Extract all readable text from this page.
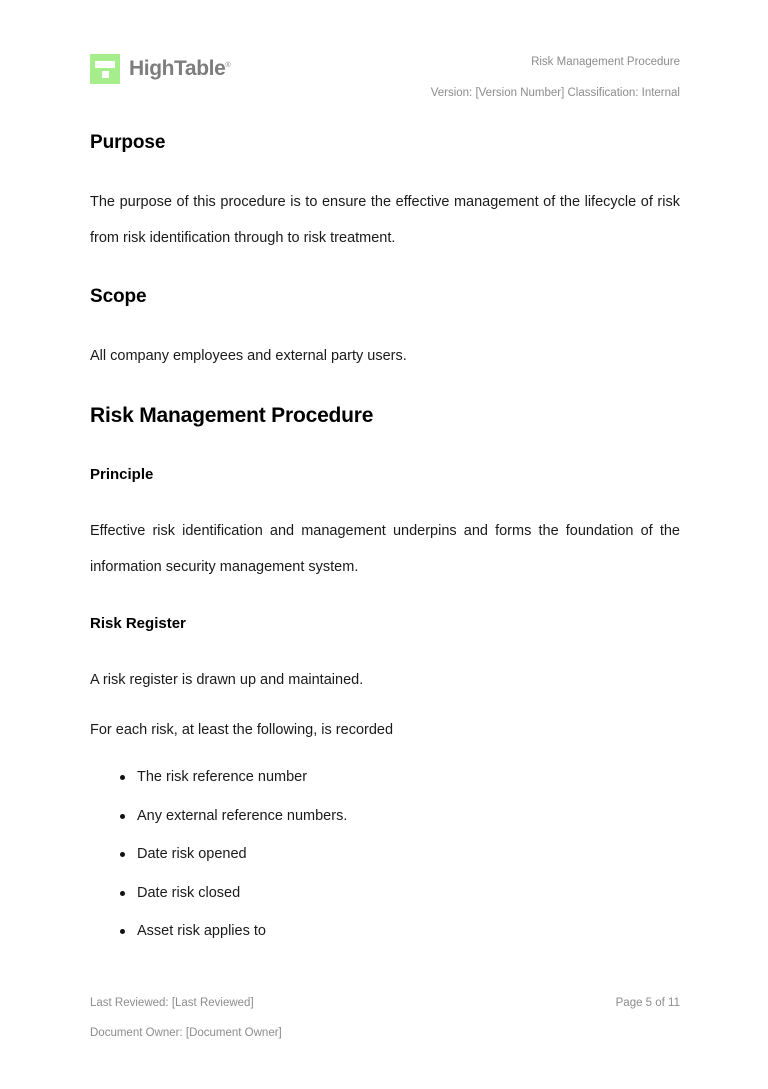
HighTable®	Risk Management Procedure
Version: [Version Number] Classification: Internal
Purpose

The purpose of this procedure is to ensure the effective management of the lifecycle of risk from risk identification through to risk treatment.

Scope

All company employees and external party users.

Risk Management Procedure
Principle

Effective risk identification and management underpins and forms the foundation of the information security management system.

Risk Register

A risk register is drawn up and maintained.

For each risk, at least the following, is recorded

The risk reference number
Any external reference numbers.
Date risk opened
Date risk closed
Asset risk applies to
Last Reviewed: [Last Reviewed]	Page 5 of 11
Document Owner: [Document Owner]
